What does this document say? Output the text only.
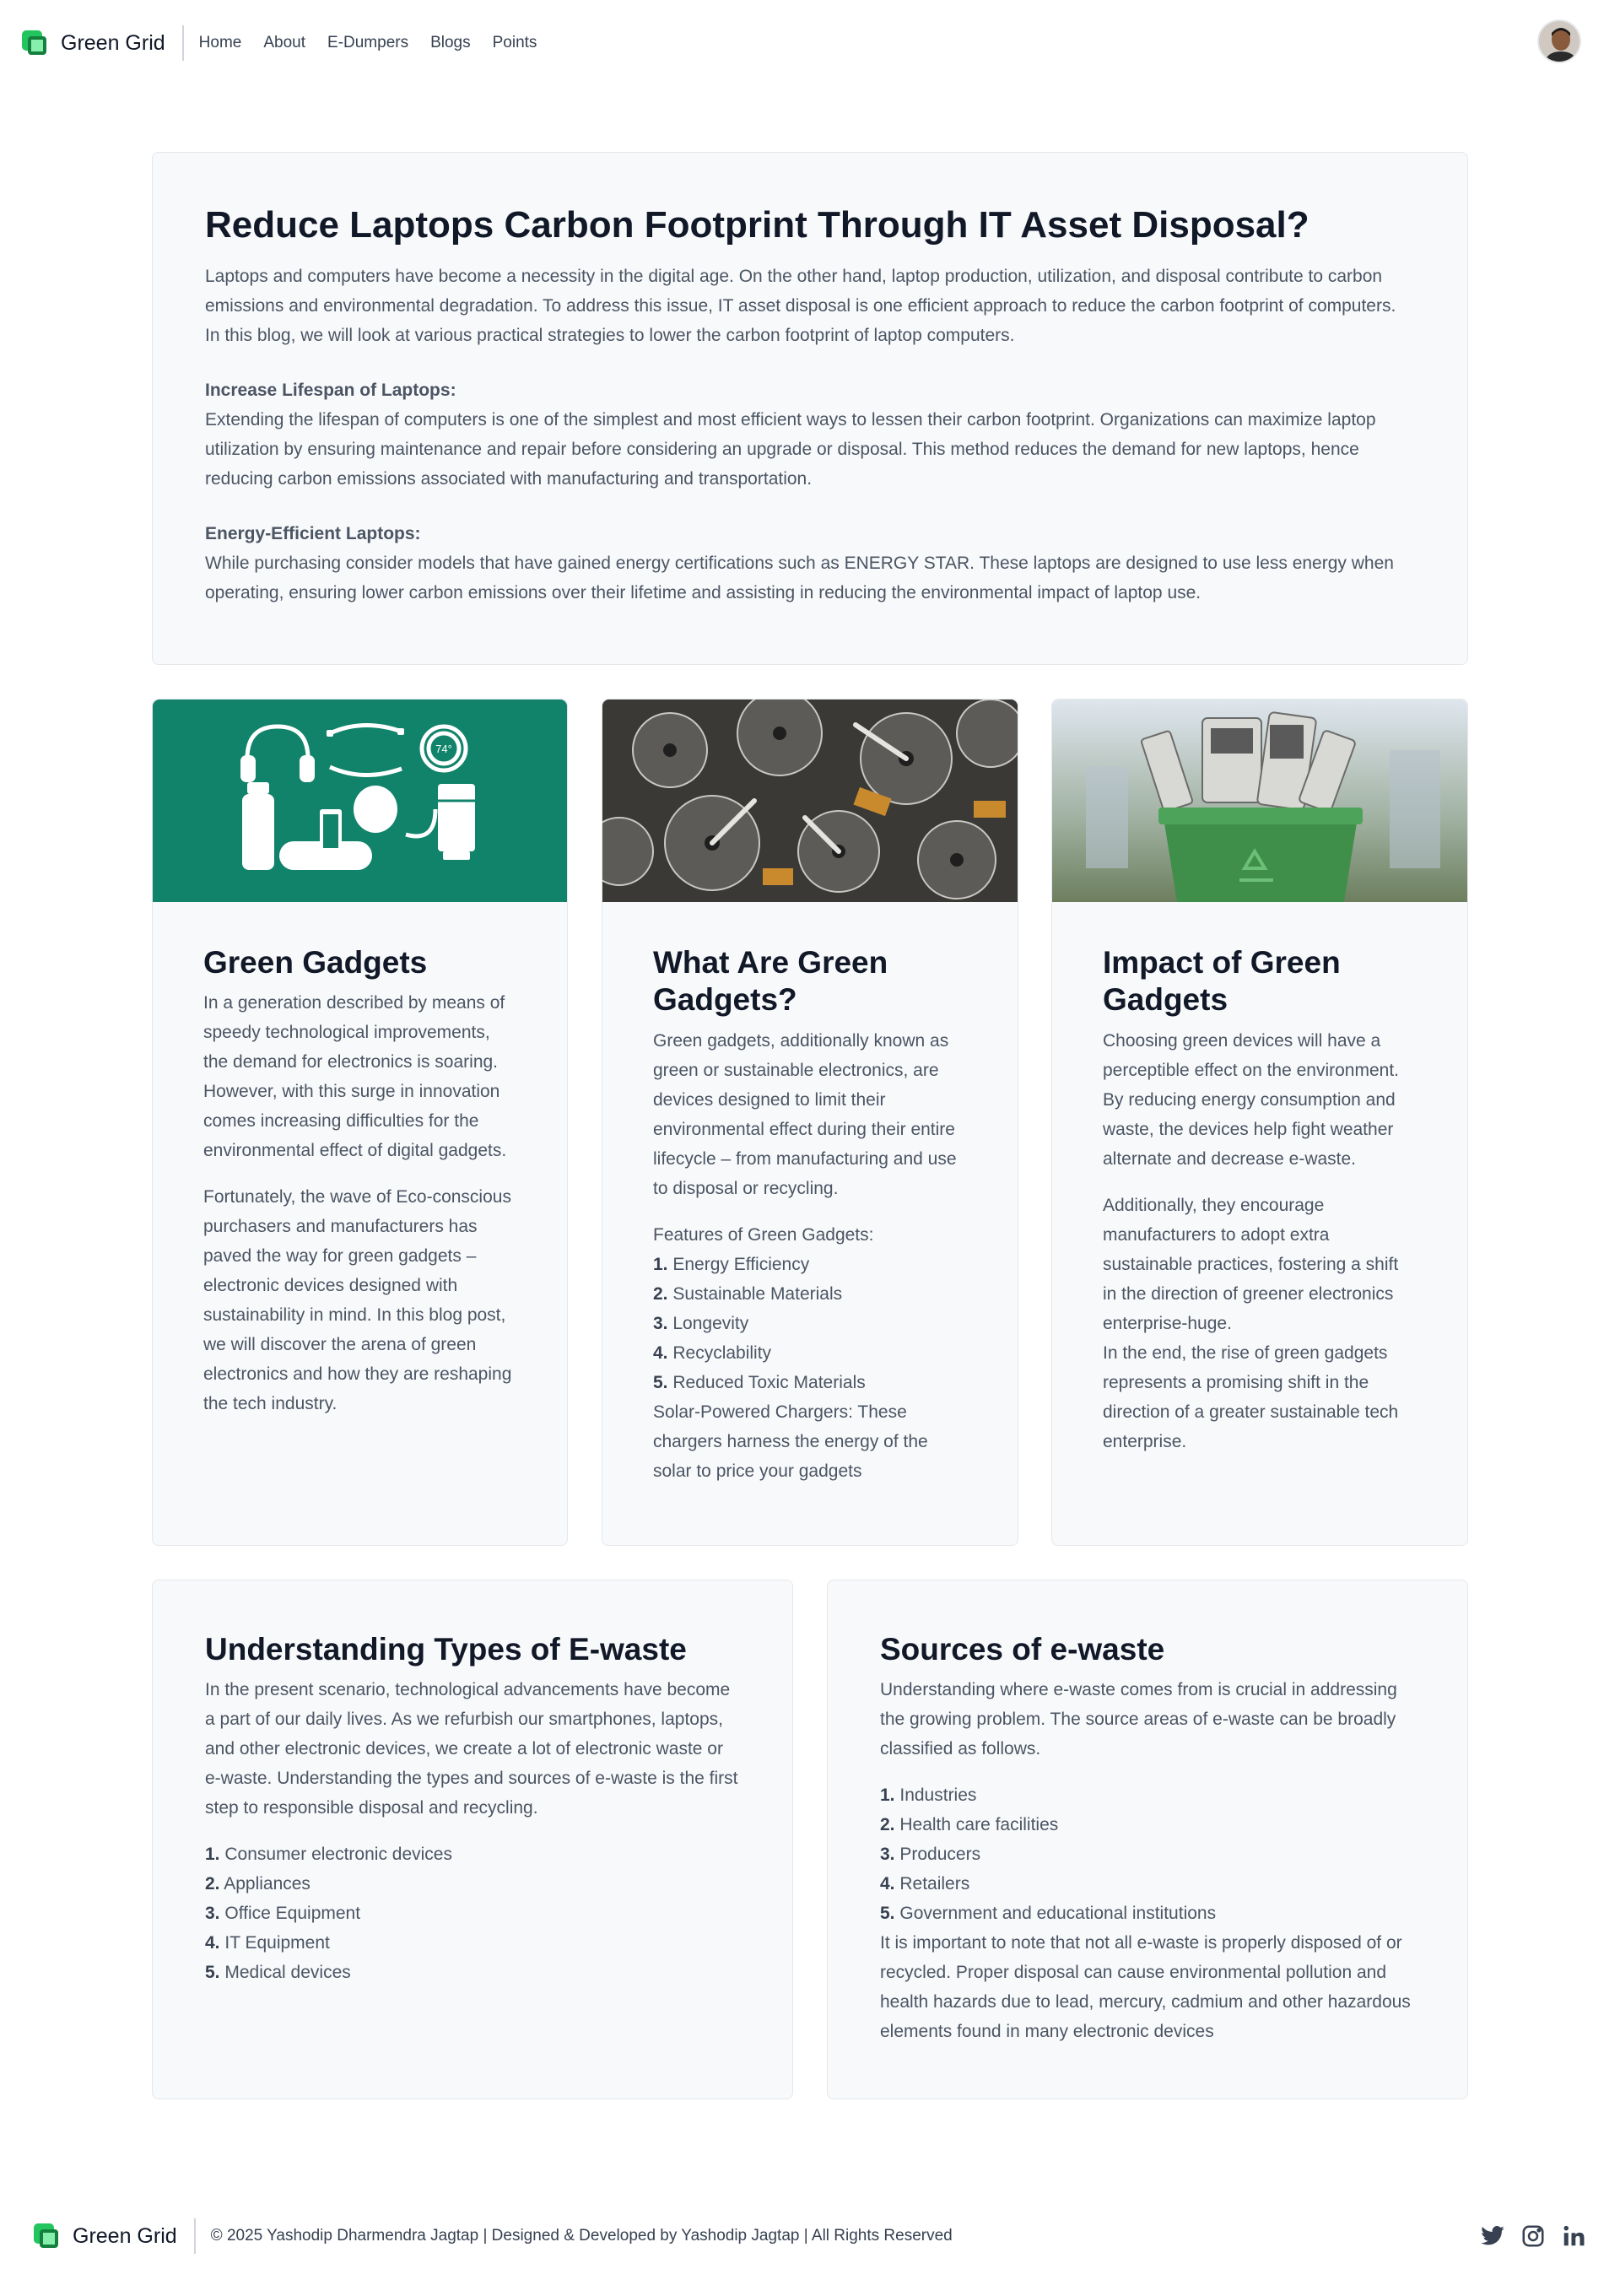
Green Grid Home About E-Dumpers Blogs Points
Reduce Laptops Carbon Footprint Through IT Asset Disposal?

Laptops and computers have become a necessity in the digital age. On the other hand, laptop production, utilization, and disposal contribute to carbon emissions and environmental degradation. To address this issue, IT asset disposal is one efficient approach to reduce the carbon footprint of computers. In this blog, we will look at various practical strategies to lower the carbon footprint of laptop computers.

Increase Lifespan of Laptops:

Extending the lifespan of computers is one of the simplest and most efficient ways to lessen their carbon footprint. Organizations can maximize laptop utilization by ensuring maintenance and repair before considering an upgrade or disposal. This method reduces the demand for new laptops, hence reducing carbon emissions associated with manufacturing and transportation.

Energy-Efficient Laptops:

While purchasing consider models that have gained energy certifications such as ENERGY STAR. These laptops are designed to use less energy when operating, ensuring lower carbon emissions over their lifetime and assisting in reducing the environmental impact of laptop use.

74°
Green Gadgets

In a generation described by means of speedy technological improvements, the demand for electronics is soaring. However, with this surge in innovation comes increasing difficulties for the environmental effect of digital gadgets.

Fortunately, the wave of Eco-conscious purchasers and manufacturers has paved the way for green gadgets – electronic devices designed with sustainability in mind. In this blog post, we will discover the arena of green electronics and how they are reshaping the tech industry.

What Are Green Gadgets?

Green gadgets, additionally known as green or sustainable electronics, are devices designed to limit their environmental effect during their entire lifecycle – from manufacturing and use to disposal or recycling.

Features of Green Gadgets:

1. Energy Efficiency
2. Sustainable Materials
3. Longevity
4. Recyclability
5. Reduced Toxic Materials

Solar-Powered Chargers: These chargers harness the energy of the solar to price your gadgets

Impact of Green Gadgets

Choosing green devices will have a perceptible effect on the environment. By reducing energy consumption and waste, the devices help fight weather alternate and decrease e-waste.

Additionally, they encourage manufacturers to adopt extra sustainable practices, fostering a shift in the direction of greener electronics enterprise-huge.

In the end, the rise of green gadgets represents a promising shift in the direction of a greater sustainable tech enterprise.

Understanding Types of E-waste

In the present scenario, technological advancements have become a part of our daily lives. As we refurbish our smartphones, laptops, and other electronic devices, we create a lot of electronic waste or e-waste. Understanding the types and sources of e-waste is the first step to responsible disposal and recycling.

1. Consumer electronic devices
2. Appliances
3. Office Equipment
4. IT Equipment
5. Medical devices
Sources of e-waste

Understanding where e-waste comes from is crucial in addressing the growing problem. The source areas of e-waste can be broadly classified as follows.

1. Industries
2. Health care facilities
3. Producers
4. Retailers
5. Government and educational institutions

It is important to note that not all e-waste is properly disposed of or recycled. Proper disposal can cause environmental pollution and health hazards due to lead, mercury, cadmium and other hazardous elements found in many electronic devices

Green Grid © 2025 Yashodip Dharmendra Jagtap | Designed & Developed by Yashodip Jagtap | All Rights Reserved
